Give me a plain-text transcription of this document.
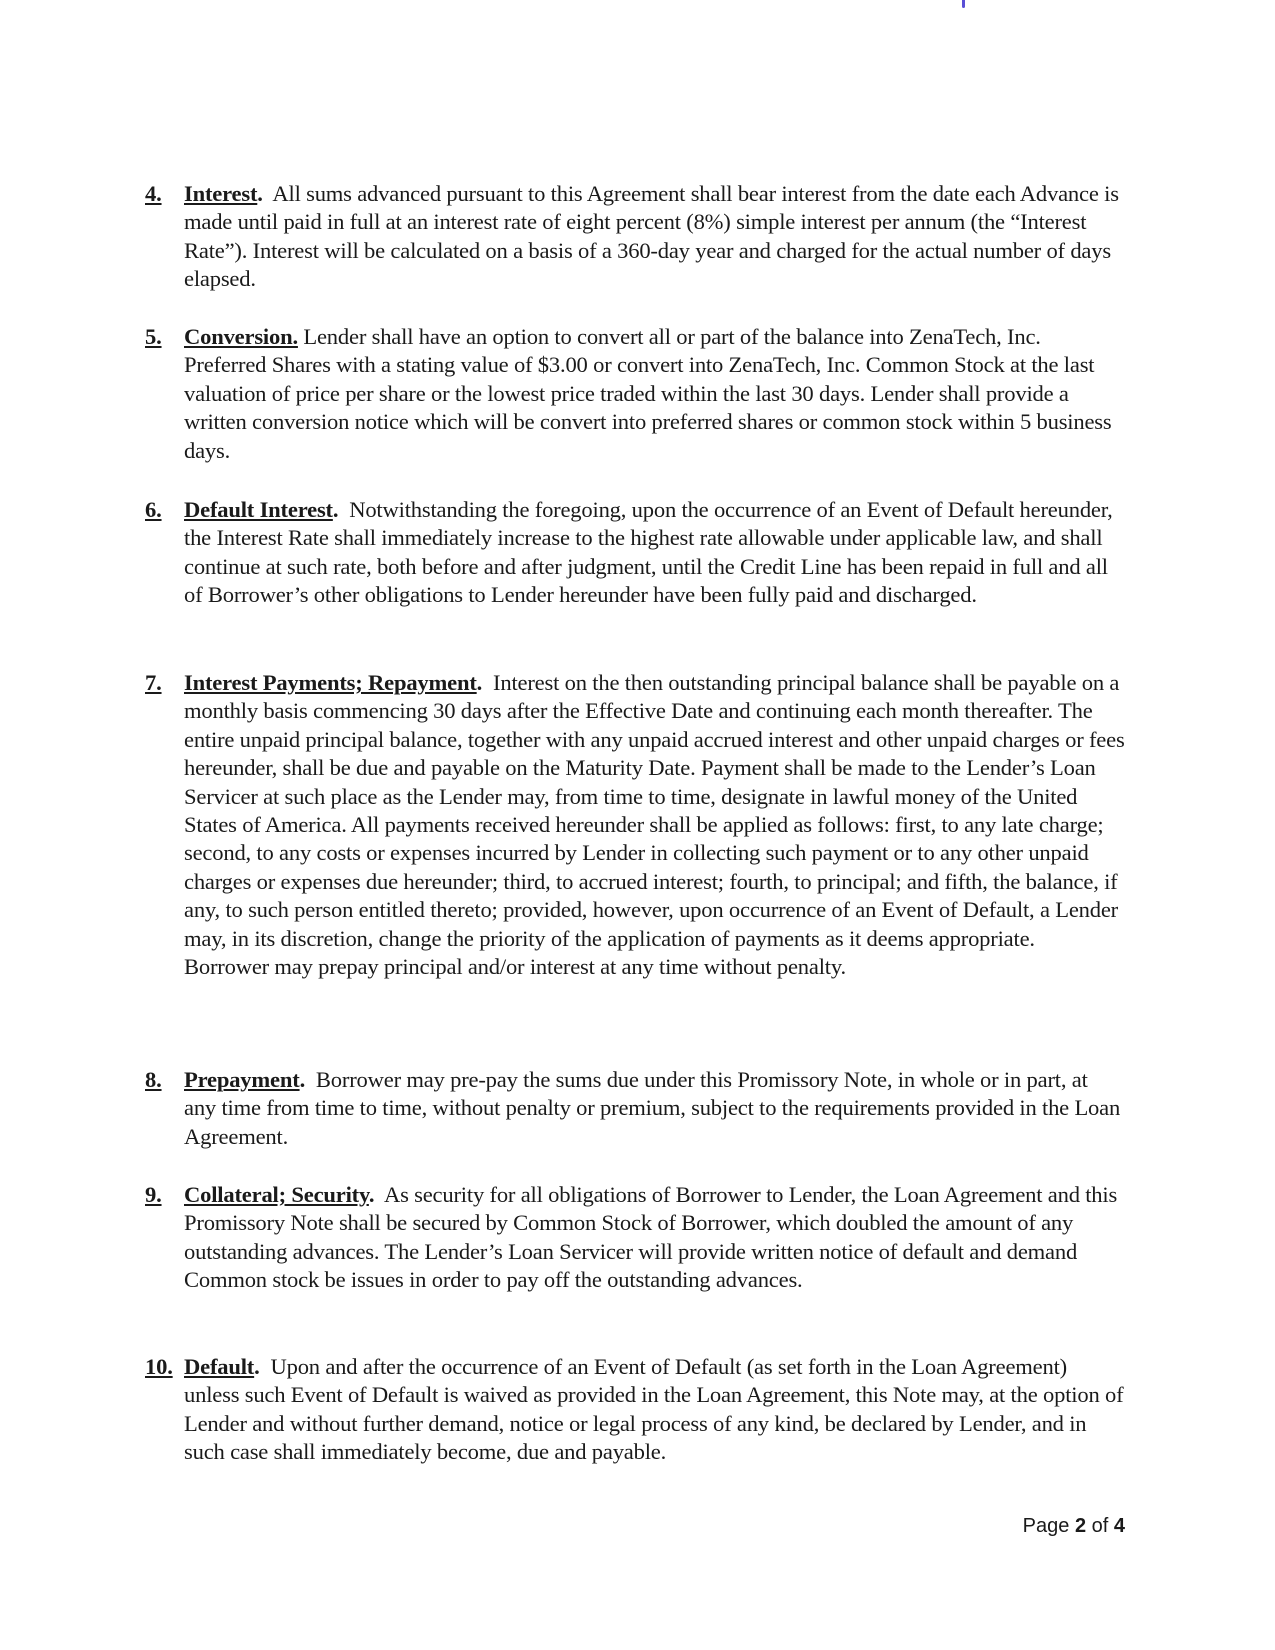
4. Interest. All sums advanced pursuant to this Agreement shall bear interest from the date each Advance is made until paid in full at an interest rate of eight percent (8%) simple interest per annum (the “Interest Rate”). Interest will be calculated on a basis of a 360-day year and charged for the actual number of days elapsed.
5. Conversion. Lender shall have an option to convert all or part of the balance into ZenaTech, Inc. Preferred Shares with a stating value of $3.00 or convert into ZenaTech, Inc. Common Stock at the last valuation of price per share or the lowest price traded within the last 30 days. Lender shall provide a written conversion notice which will be convert into preferred shares or common stock within 5 business days.
6. Default Interest. Notwithstanding the foregoing, upon the occurrence of an Event of Default hereunder, the Interest Rate shall immediately increase to the highest rate allowable under applicable law, and shall continue at such rate, both before and after judgment, until the Credit Line has been repaid in full and all of Borrower’s other obligations to Lender hereunder have been fully paid and discharged.
7. Interest Payments; Repayment. Interest on the then outstanding principal balance shall be payable on a monthly basis commencing 30 days after the Effective Date and continuing each month thereafter. The entire unpaid principal balance, together with any unpaid accrued interest and other unpaid charges or fees hereunder, shall be due and payable on the Maturity Date. Payment shall be made to the Lender’s Loan Servicer at such place as the Lender may, from time to time, designate in lawful money of the United States of America. All payments received hereunder shall be applied as follows: first, to any late charge; second, to any costs or expenses incurred by Lender in collecting such payment or to any other unpaid charges or expenses due hereunder; third, to accrued interest; fourth, to principal; and fifth, the balance, if any, to such person entitled thereto; provided, however, upon occurrence of an Event of Default, a Lender may, in its discretion, change the priority of the application of payments as it deems appropriate. Borrower may prepay principal and/or interest at any time without penalty.
8. Prepayment. Borrower may pre-pay the sums due under this Promissory Note, in whole or in part, at any time from time to time, without penalty or premium, subject to the requirements provided in the Loan Agreement.
9. Collateral; Security. As security for all obligations of Borrower to Lender, the Loan Agreement and this Promissory Note shall be secured by Common Stock of Borrower, which doubled the amount of any outstanding advances. The Lender’s Loan Servicer will provide written notice of default and demand Common stock be issues in order to pay off the outstanding advances.
10. Default. Upon and after the occurrence of an Event of Default (as set forth in the Loan Agreement) unless such Event of Default is waived as provided in the Loan Agreement, this Note may, at the option of Lender and without further demand, notice or legal process of any kind, be declared by Lender, and in such case shall immediately become, due and payable.
Page 2 of 4
